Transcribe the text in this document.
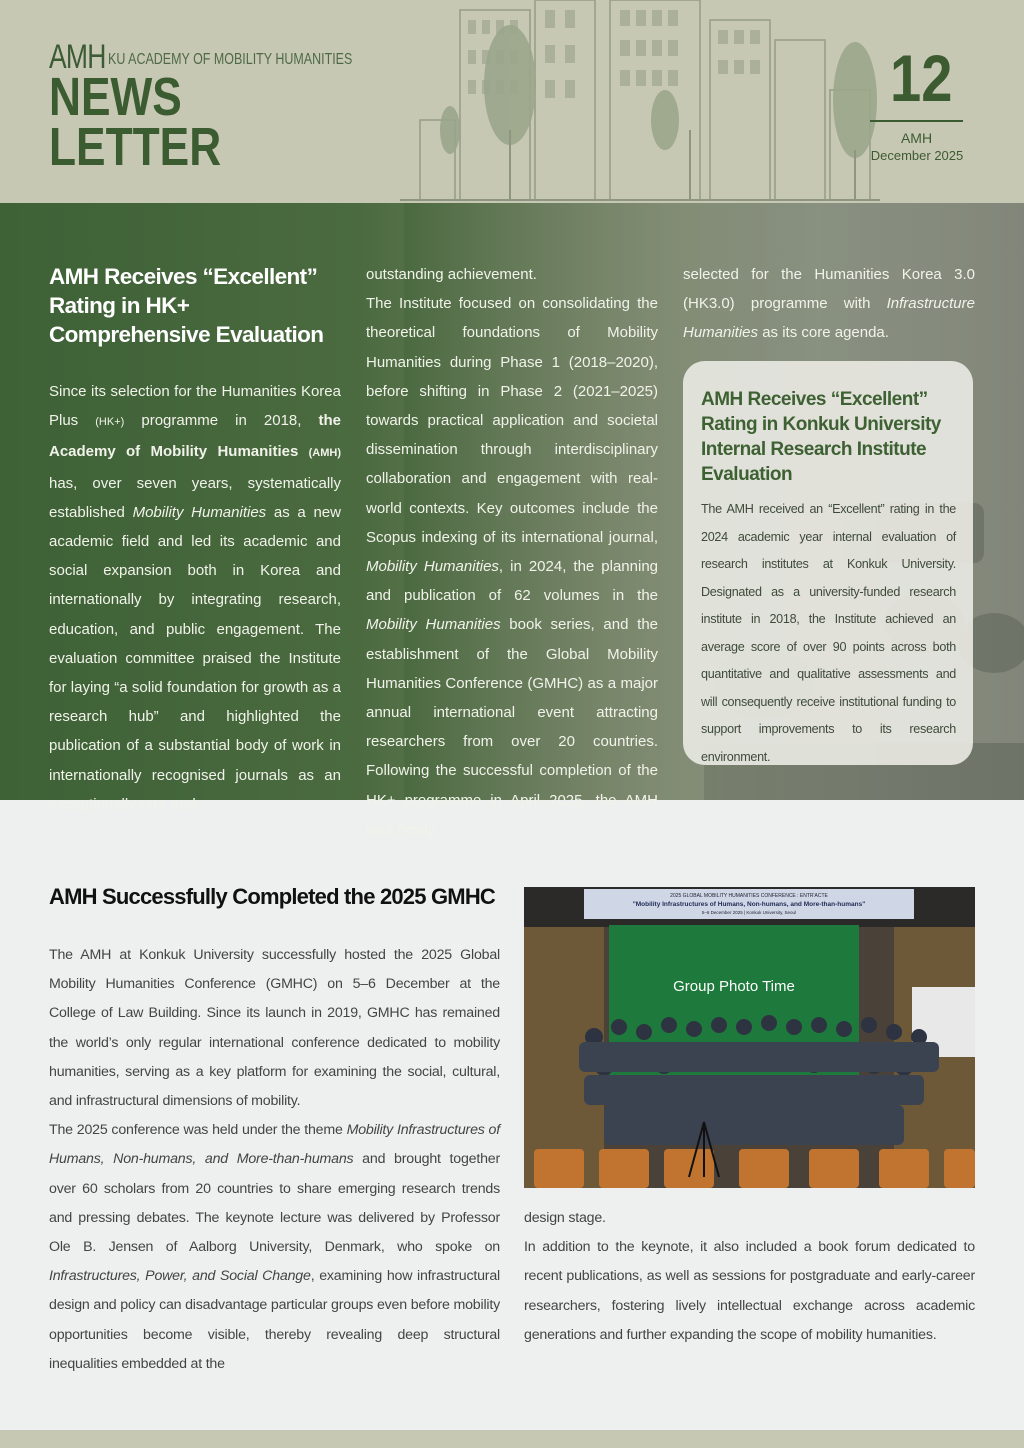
AMH KU ACADEMY OF MOBILITY HUMANITIES
NEWS
LETTER
12
AMH
December 2025
AMH Receives “Excellent” Rating in HK+ Comprehensive Evaluation

Since its selection for the Humanities Korea Plus (HK+) programme in 2018, the Academy of Mobility Humanities (AMH) has, over seven years, systematically established Mobility Humanities as a new academic field and led its academic and social expansion both in Korea and internationally by integrating research, education, and public engagement. The evaluation committee praised the Institute for laying “a solid foundation for growth as a research hub” and highlighted the publication of a substantial body of work in internationally recognised journals as an exceptionally rare and

outstanding achievement.

The Institute focused on consolidating the theoretical foundations of Mobility Humanities during Phase 1 (2018–2020), before shifting in Phase 2 (2021–2025) towards practical application and societal dissemination through interdisciplinary collaboration and engagement with real-world contexts. Key outcomes include the Scopus indexing of its international journal, Mobility Humanities, in 2024, the planning and publication of 62 volumes in the Mobility Humanities book series, and the establishment of the Global Mobility Humanities Conference (GMHC) as a major annual international event attracting researchers from over 20 countries. Following the successful completion of the HK+ programme in April 2025, the AMH was newly

selected for the Humanities Korea 3.0 (HK3.0) programme with Infrastructure Humanities as its core agenda.

AMH Receives “Excellent” Rating in Konkuk University Internal Research Institute Evaluation
The AMH received an “Excellent” rating in the 2024 academic year internal evaluation of research institutes at Konkuk University. Designated as a university-funded research institute in 2018, the Institute achieved an average score of over 90 points across both quantitative and qualitative assessments and will consequently receive institutional funding to support improvements to its research environment.
AMH Successfully Completed the 2025 GMHC

The AMH at Konkuk University successfully hosted the 2025 Global Mobility Humanities Conference (GMHC) on 5–6 December at the College of Law Building. Since its launch in 2019, GMHC has remained the world’s only regular international conference dedicated to mobility humanities, serving as a key platform for examining the social, cultural, and infrastructural dimensions of mobility.

The 2025 conference was held under the theme Mobility Infrastructures of Humans, Non-humans, and More-than-humans and brought together over 60 scholars from 20 countries to share emerging research trends and pressing debates. The keynote lecture was delivered by Professor Ole B. Jensen of Aalborg University, Denmark, who spoke on Infrastructures, Power, and Social Change, examining how infrastructural design and policy can disadvantage particular groups even before mobility opportunities become visible, thereby revealing deep structural inequalities embedded at the

2025 GLOBAL MOBILITY HUMANITIES CONFERENCE : ENTR'ACTE
"Mobility Infrastructures of Humans, Non-humans, and More-than-humans"
5–6 December 2025 | Konkuk University, Seoul
Group Photo Time

design stage.

In addition to the keynote, it also included a book forum dedicated to recent publications, as well as sessions for postgraduate and early-career researchers, fostering lively intellectual exchange across academic generations and further expanding the scope of mobility humanities.
